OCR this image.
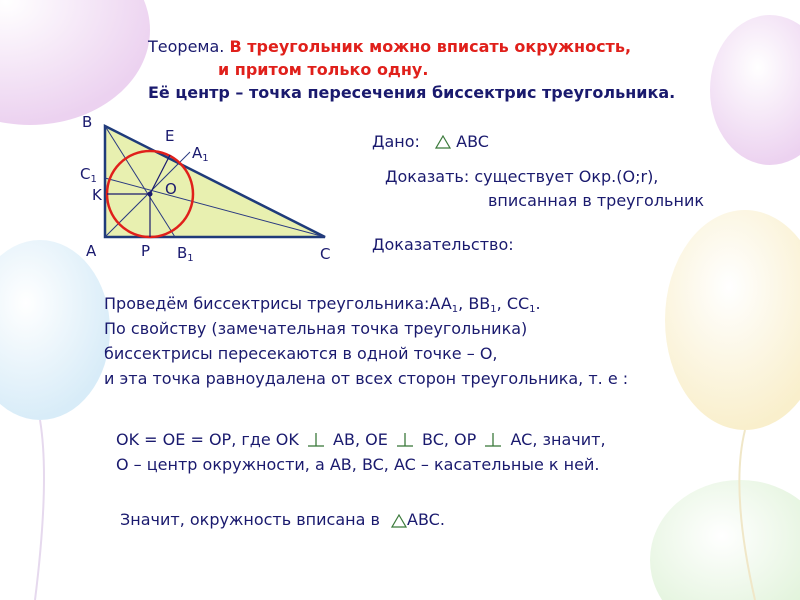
Теорема. В треугольник можно вписать окружность,
и притом только одну.
Её центр – точка пересечения биссектрис треугольника.
B
E
$A_1$
$C_1$
K	O
A	P $B_1$	C
Дано: ABC
Доказать: существует Окр.(О;r),
вписанная в треугольник
Доказательство:
Проведём биссектрисы $треугольника:AA_1$, $BB_1$, $CC_1$.
По свойству (замечательная точка треугольника)
биссектрисы пересекаются в одной точке – О,
и эта точка равноудалена от всех сторон треугольника, т. е :
OK = OE = OP, где OK AB, OE BC, OP AC, значит,
О – центр окружности, а AB, BC, AC – касательные к ней.
Значит, окружность вписана в ABC.
